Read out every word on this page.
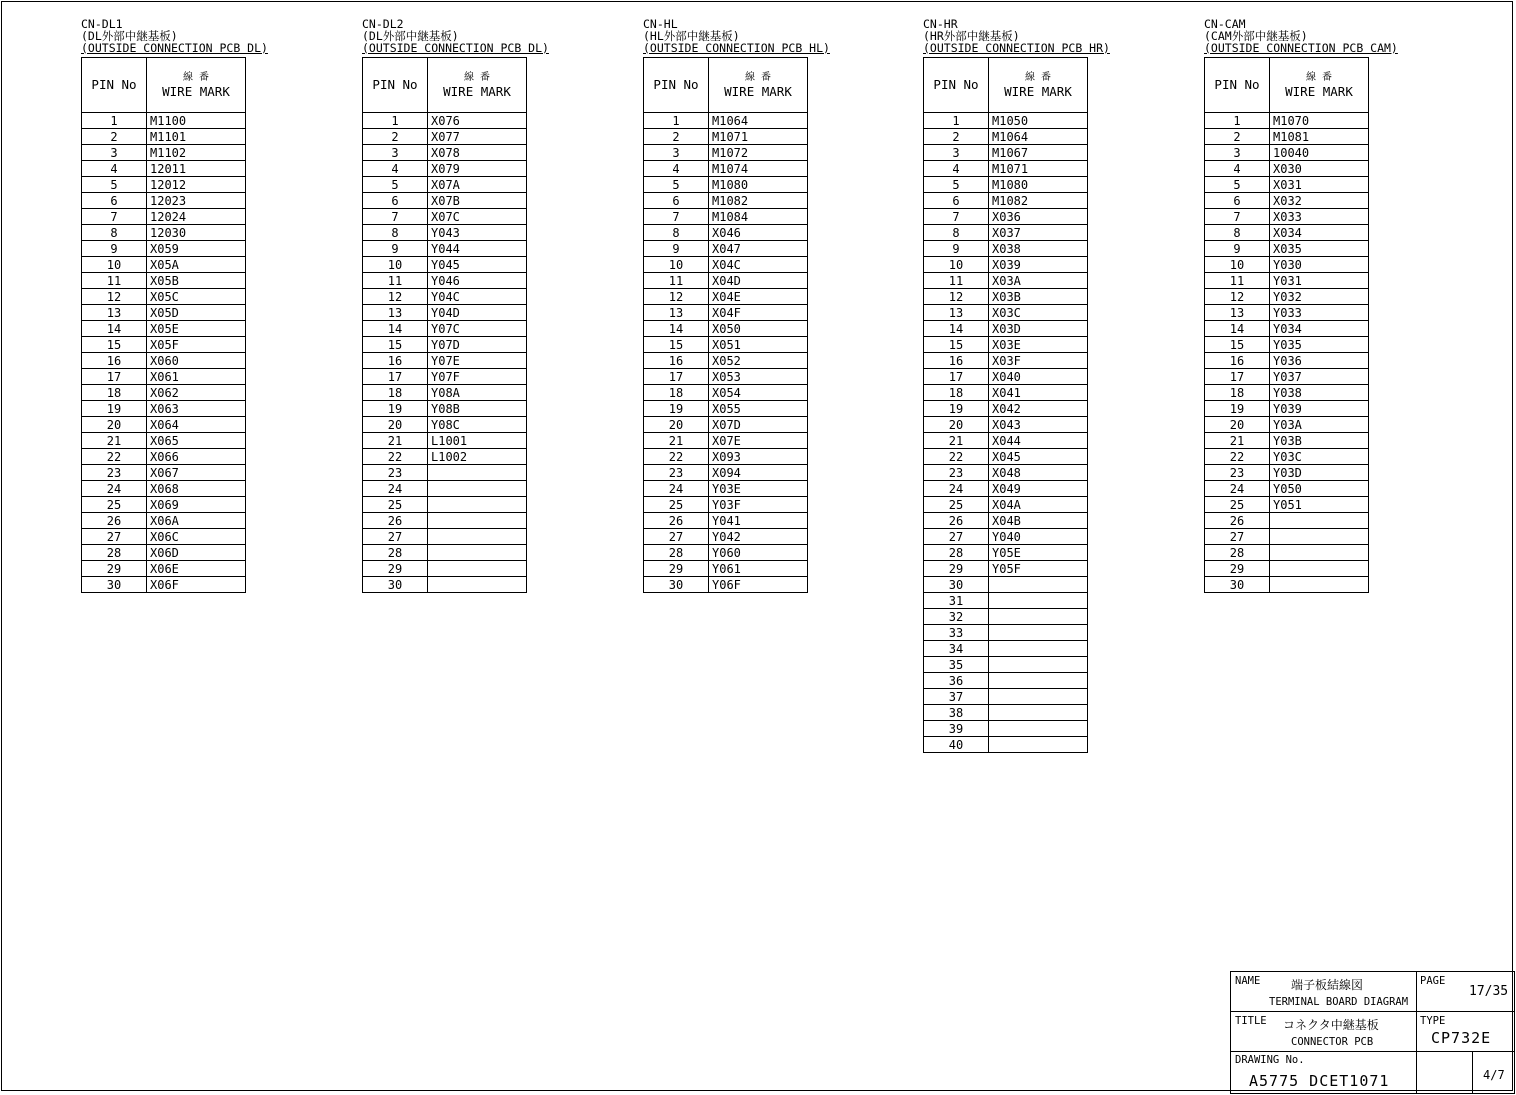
CN-DL1
(DL外部中継基板)
(OUTSIDE CONNECTION PCB DL)
PIN No	線 番
WIRE MARK
1	M1100
2	M1101
3	M1102
4	12011
5	12012
6	12023
7	12024
8	12030
9	X059
10	X05A
11	X05B
12	X05C
13	X05D
14	X05E
15	X05F
16	X060
17	X061
18	X062
19	X063
20	X064
21	X065
22	X066
23	X067
24	X068
25	X069
26	X06A
27	X06C
28	X06D
29	X06E
30	X06F
CN-DL2
(DL外部中継基板)
(OUTSIDE CONNECTION PCB DL)
PIN No	線 番
WIRE MARK
1	X076
2	X077
3	X078
4	X079
5	X07A
6	X07B
7	X07C
8	Y043
9	Y044
10	Y045
11	Y046
12	Y04C
13	Y04D
14	Y07C
15	Y07D
16	Y07E
17	Y07F
18	Y08A
19	Y08B
20	Y08C
21	L1001
22	L1002
23	
24	
25	
26	
27	
28	
29	
30	
CN-HL
(HL外部中継基板)
(OUTSIDE CONNECTION PCB HL)
PIN No	線 番
WIRE MARK
1	M1064
2	M1071
3	M1072
4	M1074
5	M1080
6	M1082
7	M1084
8	X046
9	X047
10	X04C
11	X04D
12	X04E
13	X04F
14	X050
15	X051
16	X052
17	X053
18	X054
19	X055
20	X07D
21	X07E
22	X093
23	X094
24	Y03E
25	Y03F
26	Y041
27	Y042
28	Y060
29	Y061
30	Y06F
CN-HR
(HR外部中継基板)
(OUTSIDE CONNECTION PCB HR)
PIN No	線 番
WIRE MARK
1	M1050
2	M1064
3	M1067
4	M1071
5	M1080
6	M1082
7	X036
8	X037
9	X038
10	X039
11	X03A
12	X03B
13	X03C
14	X03D
15	X03E
16	X03F
17	X040
18	X041
19	X042
20	X043
21	X044
22	X045
23	X048
24	X049
25	X04A
26	X04B
27	Y040
28	Y05E
29	Y05F
30	
31	
32	
33	
34	
35	
36	
37	
38	
39	
40	
CN-CAM
(CAM外部中継基板)
(OUTSIDE CONNECTION PCB CAM)
PIN No	線 番
WIRE MARK
1	M1070
2	M1081
3	10040
4	X030
5	X031
6	X032
7	X033
8	X034
9	X035
10	Y030
11	Y031
12	Y032
13	Y033
14	Y034
15	Y035
16	Y036
17	Y037
18	Y038
19	Y039
20	Y03A
21	Y03B
22	Y03C
23	Y03D
24	Y050
25	Y051
26	
27	
28	
29	
30	
NAME	端子板結線図
TERMINAL BOARD DIAGRAM
PAGE
17/35
TITLE コネクタ中継基板
CONNECTOR PCB
TYPE
CP732E
DRAWING No.
A5775 DCET1071	4/7
